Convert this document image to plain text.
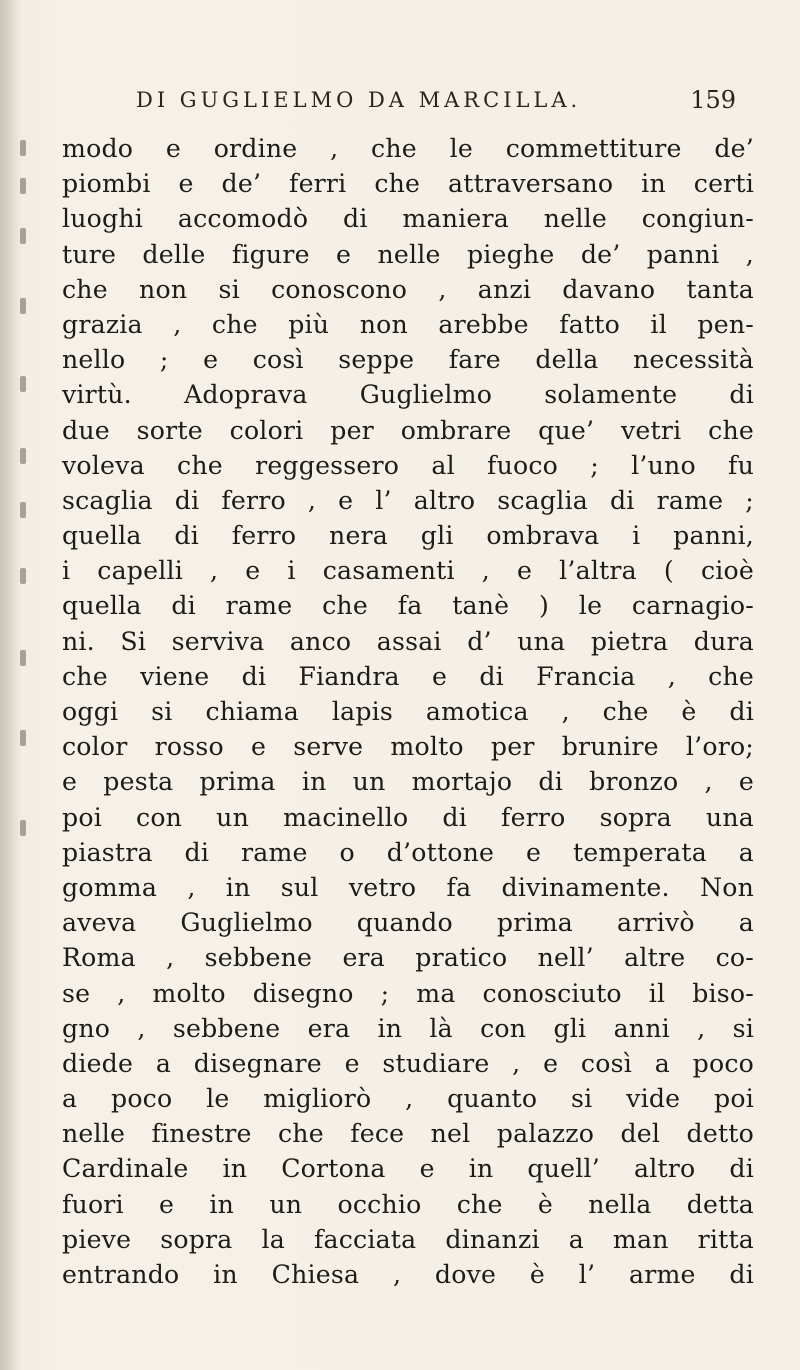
DI GUGLIELMO DA MARCILLA.	159
modo e ordine , che le commettiture de’
piombi e de’ ferri che attraversano in certi
luoghi accomodò di maniera nelle congiun-
ture delle figure e nelle pieghe de’ panni ,
che non si conoscono , anzi davano tanta
grazia , che più non arebbe fatto il pen-
nello ; e così seppe fare della necessità
virtù. Adoprava Guglielmo solamente di
due sorte colori per ombrare que’ vetri che
voleva che reggessero al fuoco ; l’uno fu
scaglia di ferro , e l’ altro scaglia di rame ;
quella di ferro nera gli ombrava i panni,
i capelli , e i casamenti , e l’altra ( cioè
quella di rame che fa tanè ) le carnagio-
ni. Si serviva anco assai d’ una pietra dura
che viene di Fiandra e di Francia , che
oggi si chiama lapis amotica , che è di
color rosso e serve molto per brunire l’oro;
e pesta prima in un mortajo di bronzo , e
poi con un macinello di ferro sopra una
piastra di rame o d’ottone e temperata a
gomma , in sul vetro fa divinamente. Non
aveva Guglielmo quando prima arrivò a
Roma , sebbene era pratico nell’ altre co-
se , molto disegno ; ma conosciuto il biso-
gno , sebbene era in là con gli anni , si
diede a disegnare e studiare , e così a poco
a poco le migliorò , quanto si vide poi
nelle finestre che fece nel palazzo del detto
Cardinale in Cortona e in quell’ altro di
fuori e in un occhio che è nella detta
pieve sopra la facciata dinanzi a man ritta
entrando in Chiesa , dove è l’ arme di
